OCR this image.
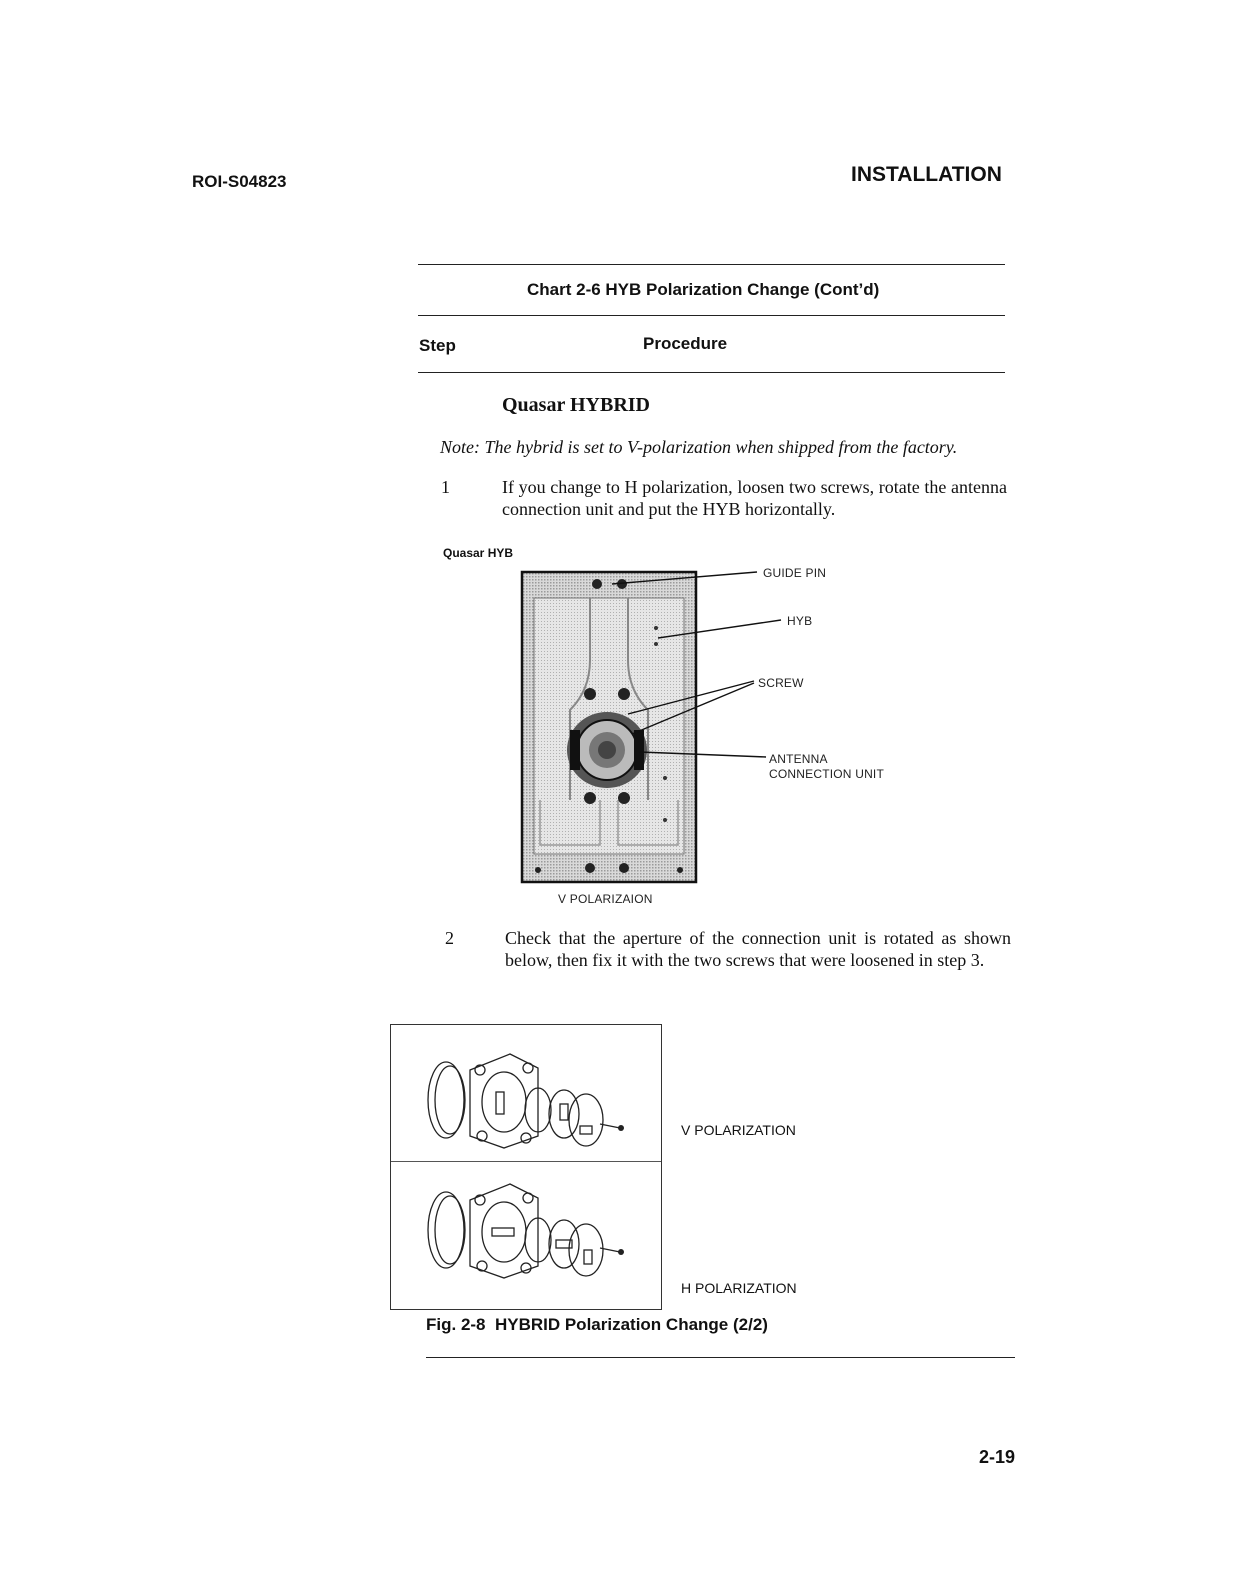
ROI-S04823	INSTALLATION
Chart 2-6 HYB Polarization Change (Cont’d)
Step	Procedure
Quasar HYBRID
Note: The hybrid is set to V-polarization when shipped from the factory.
1	If you change to H polarization, loosen two screws, rotate the antenna connection unit and put the HYB horizontally.
Quasar HYB
GUIDE PIN
HYB
SCREW
ANTENNA
CONNECTION UNIT
V POLARIZAION
2	Check that the aperture of the connection unit is rotated as shown below, then fix it with the two screws that were loosened in step 3.
V POLARIZATION
H POLARIZATION
Fig. 2-8  HYBRID Polarization Change (2/2)
2-19
